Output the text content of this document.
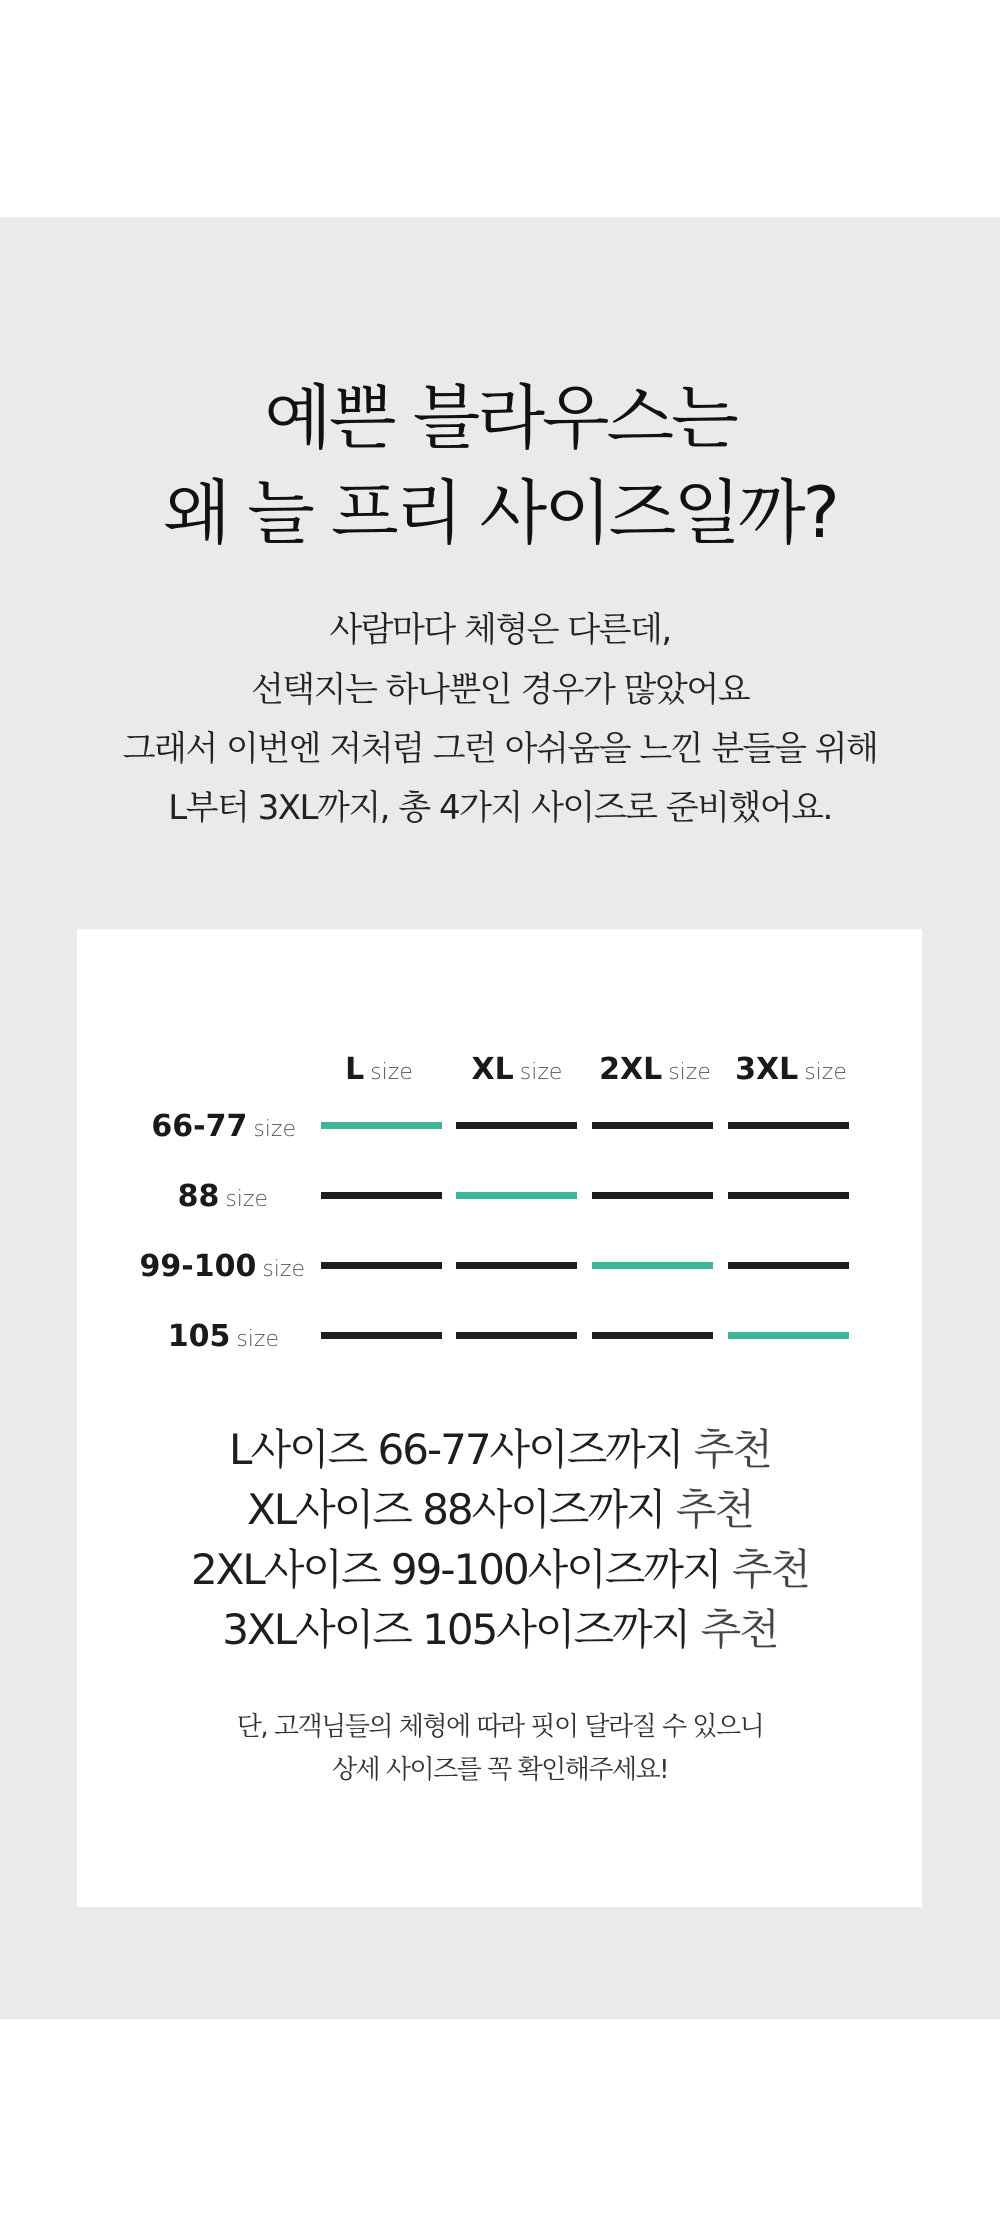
예쁜 블라우스는
왜 늘 프리 사이즈일까?
사람마다 체형은 다른데,
선택지는 하나뿐인 경우가 많았어요
그래서 이번엔 저처럼 그런 아쉬움을 느낀 분들을 위해
L부터 3XL까지, 총 4가지 사이즈로 준비했어요.
L size	XL size	2XL size 3XL size
66-77 size
88 size
99-100 size
105 size
L사이즈 66-77사이즈까지 추천
XL사이즈 88사이즈까지 추천
2XL사이즈 99-100사이즈까지 추천
3XL사이즈 105사이즈까지 추천
단, 고객님들의 체형에 따라 핏이 달라질 수 있으니
상세 사이즈를 꼭 확인해주세요!
